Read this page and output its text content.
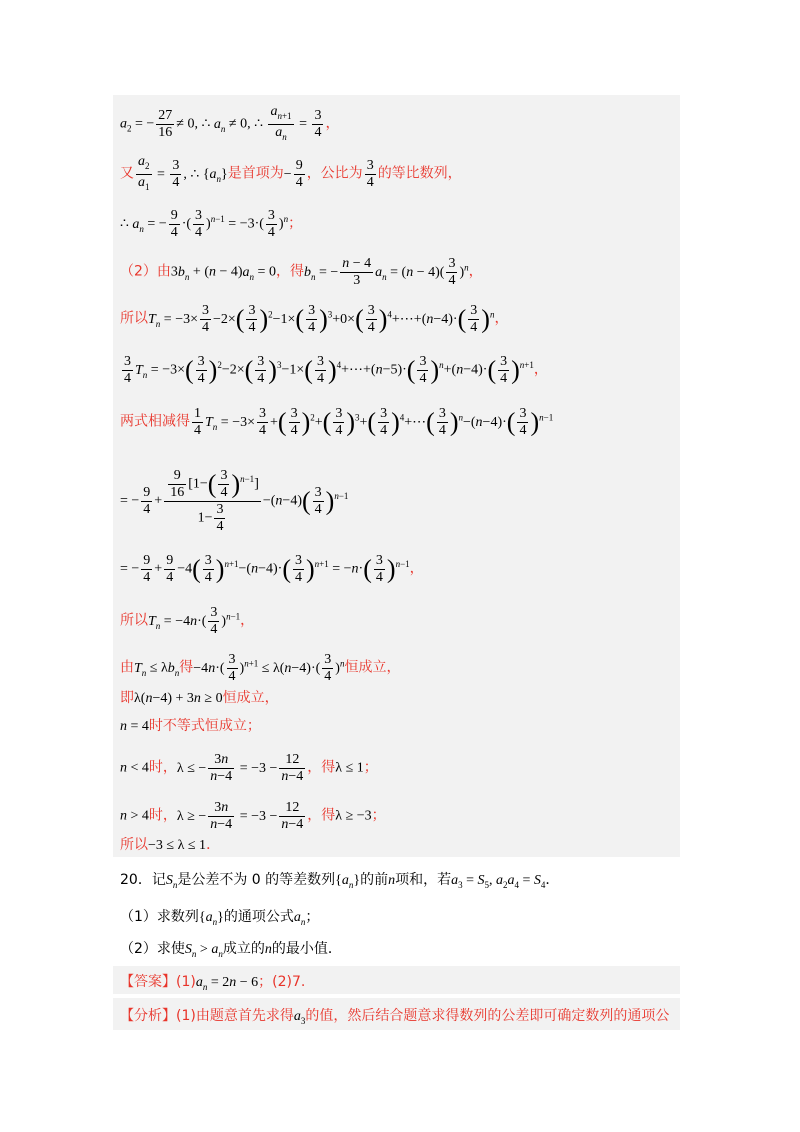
$a_2$ = − $\frac{27}{16} \ne 0$, ∴ $a_n \ne 0$, ∴ $\frac{a_{n+1}}{a_n} = \frac{3}{4}$ ，
又 $\frac{a_2}{a_1} = \frac{3}{4}$ , ∴ $\{a_n\}$是首项为− $\frac{9}{4}$ ，公比为 $\frac{3}{4}$ 的等比数列，
∴ $a_n$ = − $\frac{9}{4}$ ·( $\frac{3}{4} )^{n-1} = -3\cdot( \frac{3}{4} )^n$；
（2）由$3b_n + (n - 4)a_n = 0$，得$b_n$ = − $\frac{n - 4}{3} a_n = (n - 4)( \frac{3}{4} )^n$，
所以$T_n = -3\times \frac{3}{4} -2\times( \frac{3}{4} )^2-1\times( \frac{3}{4} )^3+0\times( \frac{3}{4}$ )$^4+\cdots+(n-4)\cdot( \frac{3}{4} )^n$，
$\frac{3}{4} T_n = -3\times( \frac{3}{4} )^2-2\times( \frac{3}{4} )^3-1\times( \frac{3}{4}$ )$^4+\cdots+(n-5)\cdot( \frac{3}{4} )^n+(n-4)\cdot( \frac{3}{4} )^{n+1}$，
两式相减得 $\frac{1}{4} T_n = -3\times \frac{3}{4}$ +( $\frac{3}{4} )^2+( \frac{3}{4} )^3+( \frac{3}{4}$ )$^4+\cdots( \frac{3}{4} )^n-(n-4)\cdot( \frac{3}{4} )^{n-1}$
= − $\frac{9}{4} + \frac{\frac{9}{16} [1-( \frac{3}{4} )^{n-1}]}{1- \frac{3}{4}} -(n-4)( \frac{3}{4} )^{n-1}$
= − $\frac{9}{4} + \frac{9}{4} -4( \frac{3}{4} )^{n+1}-(n-4)\cdot( \frac{3}{4} )^{n+1} = -n\cdot( \frac{3}{4} )^{n-1}$，
所以$T_n = -4n\cdot( \frac{3}{4} )^{n-1}$，
由$T_n \le \lambda b_n$得$-4n\cdot( \frac{3}{4} )^{n+1} \le \lambda(n-4)\cdot( \frac{3}{4} )^n$恒成立，
即λ(n−4) + 3n ≥ 0恒成立，
n = 4时不等式恒成立；
n < 4时，λ ≤ − $\frac{3n}{n-4} = -3 - \frac{12}{n-4}$ ，得λ ≤ 1；
n > 4时，λ ≥ − $\frac{3n}{n-4} = -3 - \frac{12}{n-4}$ ，得λ ≥ −3；
所以−3 ≤ λ ≤ 1．
20．记$S_n$是公差不为 0 的等差数列$\{a_n\}$的前n项和，若$a_3 = S_5$, $a_2a_4 = S_4$．
（1）求数列$\{a_n\}$的通项公式$a_n$；
（2）求使$S_n > a_n$成立的n的最小值．
【答案】$(1)a_n = 2n - 6$；(2)7.
【分析】(1)由题意首先求得$a_3$的值，然后结合题意求得数列的公差即可确定数列的通项公
